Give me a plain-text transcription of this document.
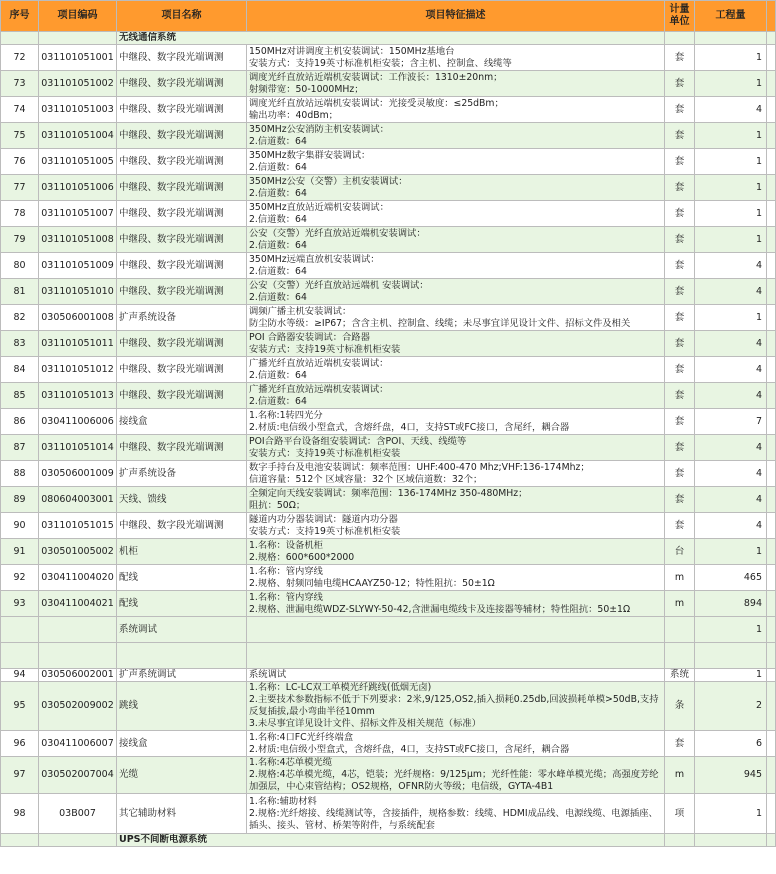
序号	项目编码	项目名称	项目特征描述	计量单位	工程量	
		无线通信系统				
72	031101051001	中继段、数字段光端调测	150MHz对讲调度主机安装调试：150MHz基地台
安装方式：支持19英寸标准机柜安装；含主机、控制盒、线缆等	套	1	
73	031101051002	中继段、数字段光端调测	调度光纤直放站近端机安装调试：工作波长：1310±20nm；
射频带宽：50-1000MHz；	套	1	
74	031101051003	中继段、数字段光端调测	调度光纤直放站远端机安装调试：光接受灵敏度：≤25dBm；
输出功率：40dBm；	套	4	
75	031101051004	中继段、数字段光端调测	350MHz公安消防主机安装调试：
2.信道数：64	套	1	
76	031101051005	中继段、数字段光端调测	350MHz数字集群安装调试：
2.信道数：64	套	1	
77	031101051006	中继段、数字段光端调测	350MHz公安（交警）主机安装调试：
2.信道数：64	套	1	
78	031101051007	中继段、数字段光端调测	350MHz直放站近端机安装调试：
2.信道数：64	套	1	
79	031101051008	中继段、数字段光端调测	公安（交警）光纤直放站近端机安装调试：
2.信道数：64	套	1	
80	031101051009	中继段、数字段光端调测	350MHz远端直放机安装调试：
2.信道数：64	套	4	
81	031101051010	中继段、数字段光端调测	公安（交警）光纤直放站远端机 安装调试：
2.信道数：64	套	4	
82	030506001008	扩声系统设备	调频广播主机安装调试：
防尘防水等级：≥IP67；含含主机、控制盒、线缆；未尽事宜详见设计文件、招标文件及相关	套	1	
83	031101051011	中继段、数字段光端调测	POI 合路器安装调试：合路器
安装方式：支持19英寸标准机柜安装	套	4	
84	031101051012	中继段、数字段光端调测	广播光纤直放站近端机安装调试：
2.信道数：64	套	4	
85	031101051013	中继段、数字段光端调测	广播光纤直放站远端机安装调试：
2.信道数：64	套	4	
86	030411006006	接线盒	1.名称:1转四光分
2.材质:电信级小型盒式，含熔纤盘，4口，支持ST或FC接口，含尾纤，耦合器	套	7	
87	031101051014	中继段、数字段光端调测	POI合路平台设备组安装调试：含POI、天线、线缆等
安装方式：支持19英寸标准机柜安装	套	4	
88	030506001009	扩声系统设备	数字手持台及电池安装调试：频率范围：UHF:400-470 Mhz;VHF:136-174Mhz；
信道容量：512个 区域容量：32个 区域信道数：32个；	套	4	
89	080604003001	天线、馈线	全频定向天线安装调试：频率范围：136-174MHz 350-480MHz；
阻抗：50Ω；	套	4	
90	031101051015	中继段、数字段光端调测	隧道内功分器装调试：隧道内功分器
安装方式：支持19英寸标准机柜安装	套	4	
91	030501005002	机柜	1.名称：设备机柜
2.规格：600*600*2000	台	1	
92	030411004020	配线	1.名称：管内穿线
2.规格、射频同轴电缆HCAAYZ50-12；特性阻抗：50±1Ω	m	465	
93	030411004021	配线	1.名称：管内穿线
2.规格、泄漏电缆WDZ-SLYWY-50-42,含泄漏电缆线卡及连接器等辅材；特性阻抗：50±1Ω	m	894	
		系统调试			1	

94	030506002001	扩声系统调试	系统调试	系统	1	
95	030502009002	跳线	1.名称：LC-LC双工单模光纤跳线(低烟无卤)
2.主要技术参数指标不低于下列要求：2米,9/125,OS2,插入损耗0.25db,回波损耗单模>50dB,支持反复插拔,最小弯曲半径10mm
3.未尽事宜详见设计文件、招标文件及相关规范（标准）	条	2	
96	030411006007	接线盒	1.名称:4口FC光纤终端盒
2.材质:电信级小型盒式，含熔纤盘，4口，支持ST或FC接口，含尾纤，耦合器	套	6	
97	030502007004	光缆	1.名称:4芯单模光缆
2.规格:4芯单模光缆，4芯，铠装；光纤规格：9/125μm；光纤性能：零水峰单模光缆；高强度芳纶加强层，中心束管结构；OS2规格，OFNR防火等级；电信级，GYTA-4B1	m	945	
98	03B007	其它辅助材料	1.名称:辅助材料
2.规格:光纤熔接、线缆测试等，含接插件，规格参数：线缆、HDMI成品线、电源线缆、电源插座、插头、接头、管材、桥架等附件，与系统配套	项	1	
		UPS不间断电源系统				
